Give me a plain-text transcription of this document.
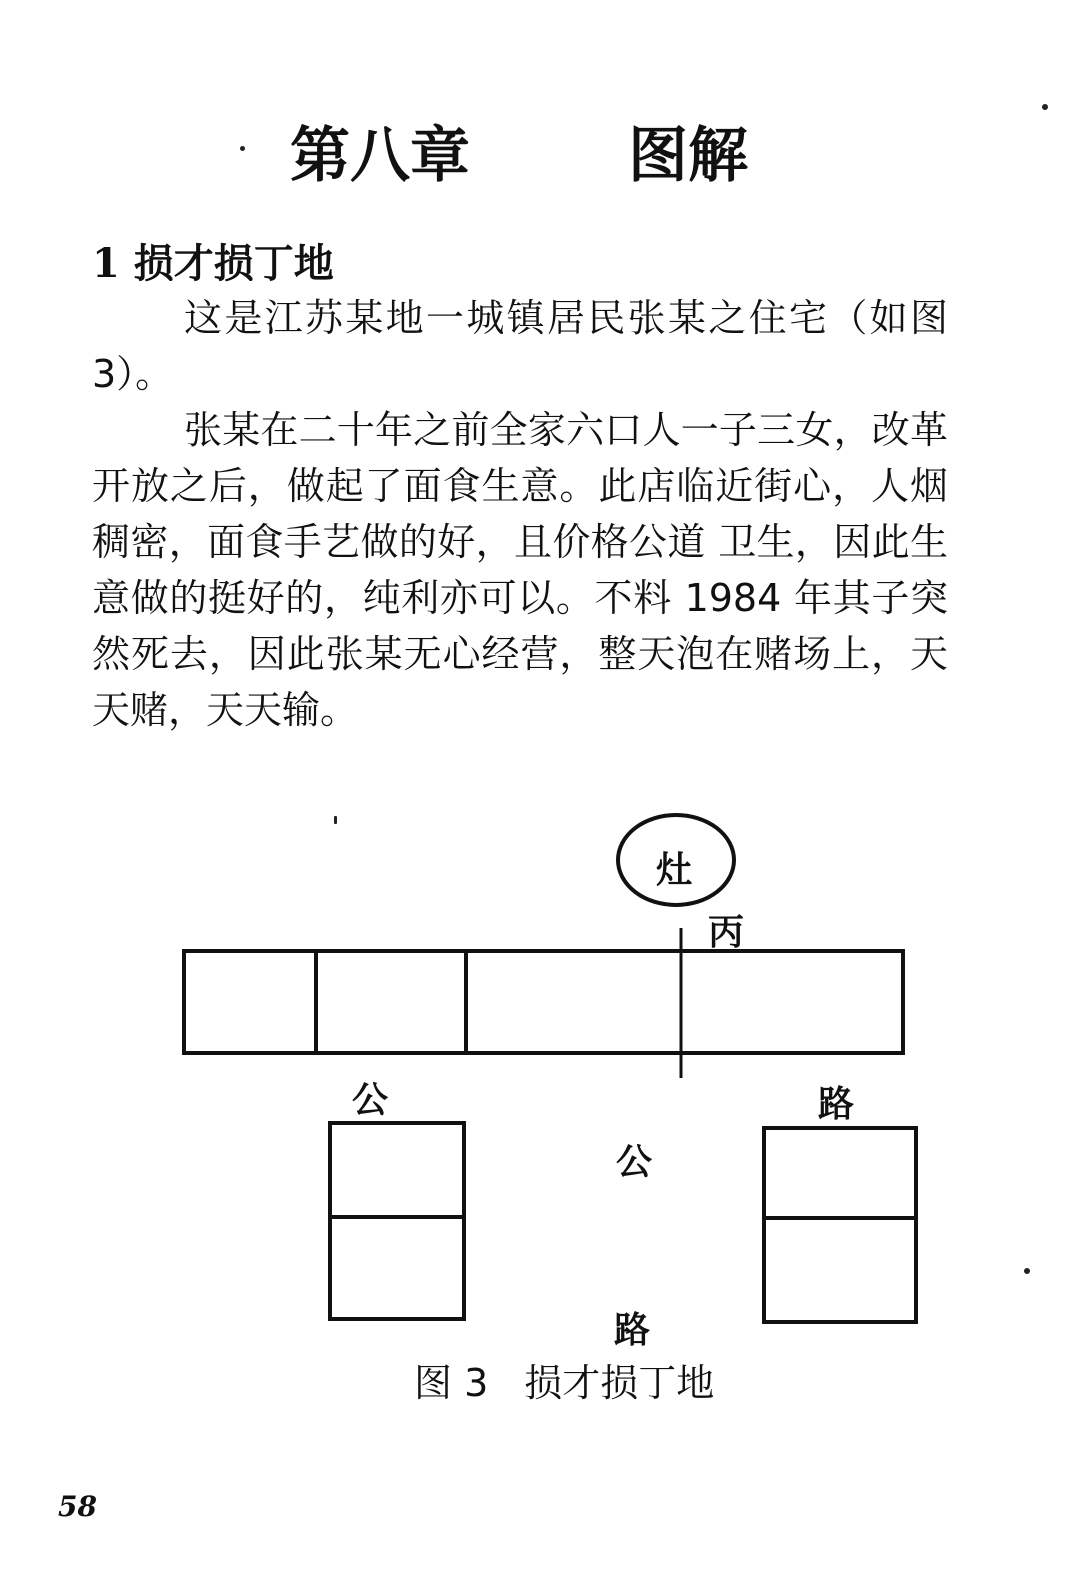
第八章	图解
1 损才损丁地

这是江苏某地一城镇居民张某之住宅（如图 3）。

张某在二十年之前全家六口人一子三女，改革开放之后，做起了面食生意。此店临近街心，人烟稠密，面食手艺做的好，且价格公道 卫生，因此生意做的挺好的，纯利亦可以。不料 1984 年其子突然死去，因此张某无心经营，整天泡在赌场上，天天赌，天天输。

灶
丙
公	路
公
路
图 3 损才损丁地
58
